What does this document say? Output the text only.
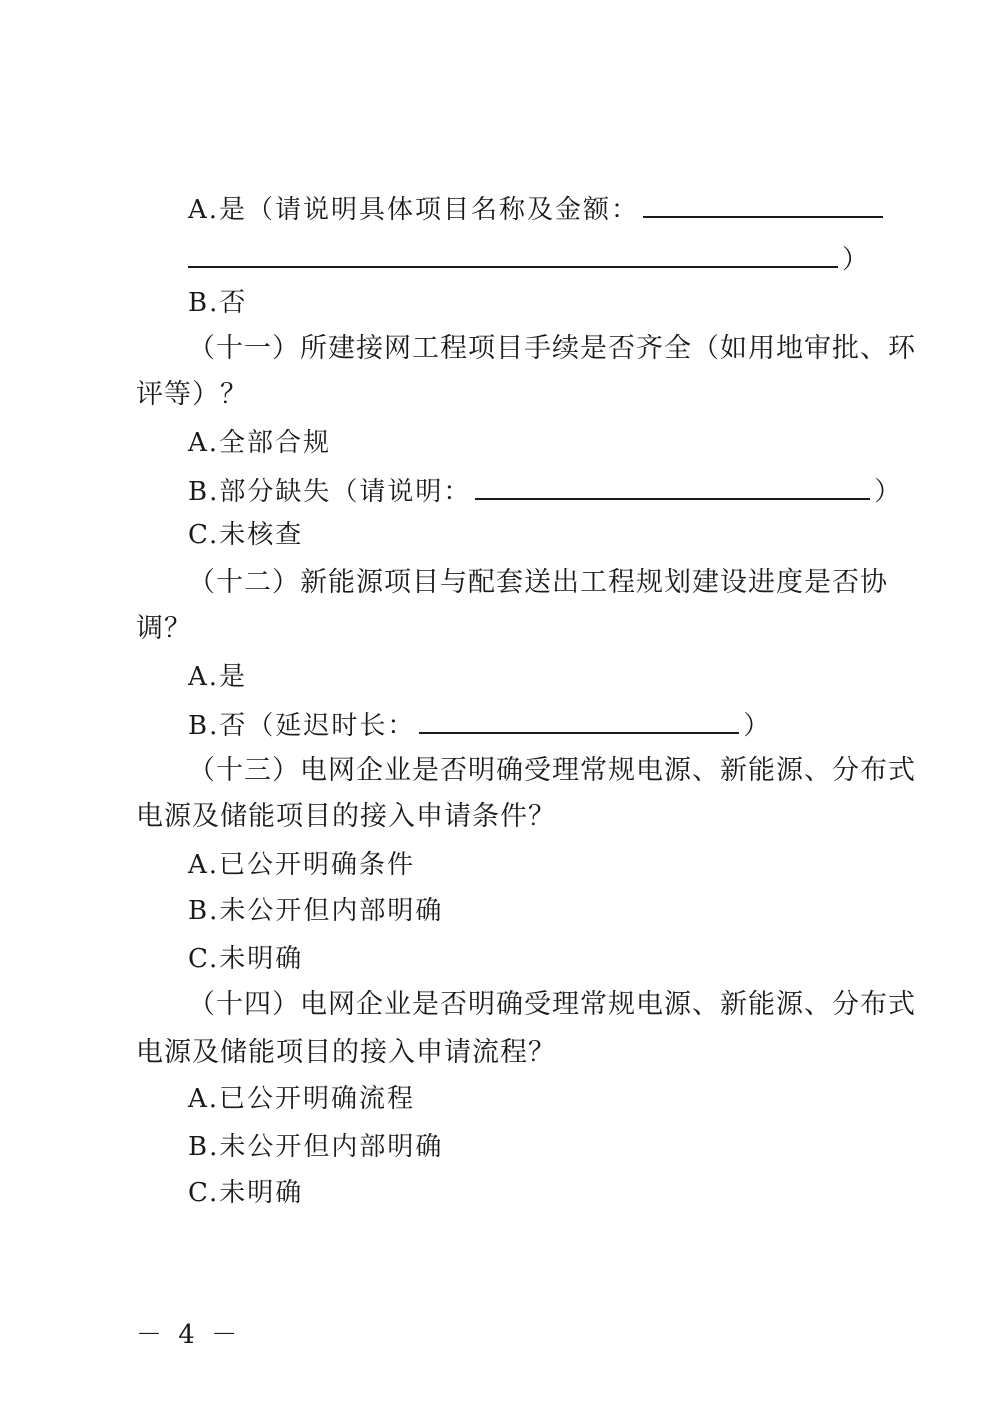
A.是（请说明具体项目名称及金额：
）
B.否
（十一）所建接网工程项目手续是否齐全（如用地审批、环
评等）？
A.全部合规
B.部分缺失（请说明：	）
C.未核查
（十二）新能源项目与配套送出工程规划建设进度是否协
调？
A.是
B.否（延迟时长：	）
（十三）电网企业是否明确受理常规电源、新能源、分布式
电源及储能项目的接入申请条件？
A.已公开明确条件
B.未公开但内部明确
C.未明确
（十四）电网企业是否明确受理常规电源、新能源、分布式
电源及储能项目的接入申请流程？
A.已公开明确流程
B.未公开但内部明确
C.未明确
－ 4 －
